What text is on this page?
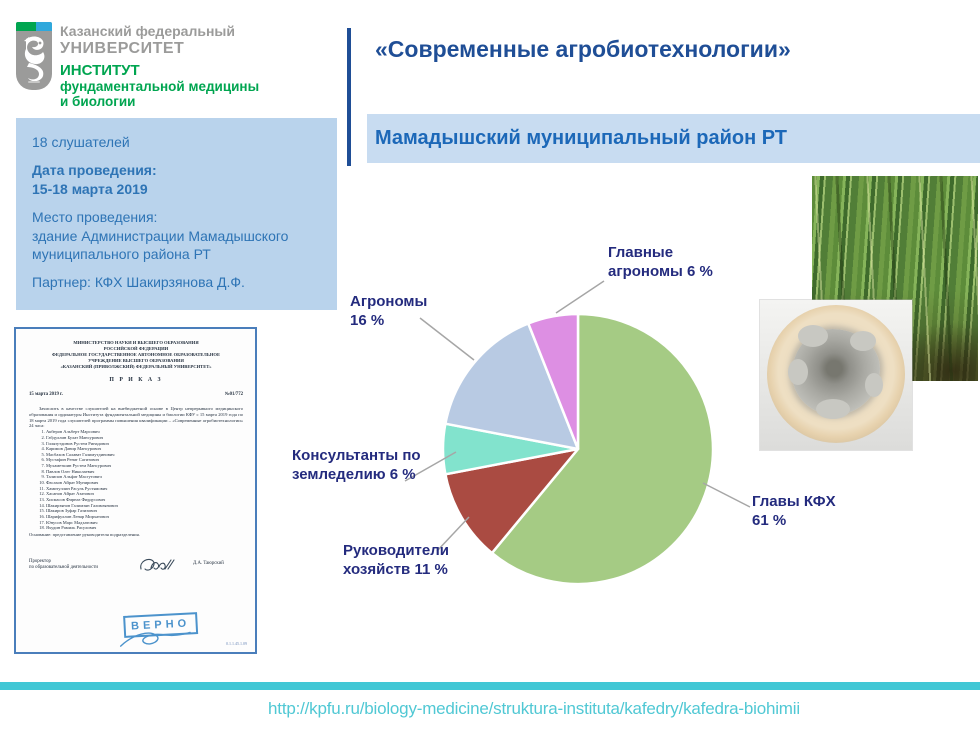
Казанский федеральный
УНИВЕРСИТЕТ
ИНСТИТУТ
фундаментальной медицины
и биологии
«Современные агробиотехнологии»
Мамадышский муниципальный район РТ
18 слушателей
Дата проведения:
15-18 марта 2019
Место проведения:
здание Администрации Мамадышского муниципального района РТ
Партнер: КФХ Шакирзянова Д.Ф.
МИНИСТЕРСТВО НАУКИ И ВЫСШЕГО ОБРАЗОВАНИЯ
РОССИЙСКОЙ ФЕДЕРАЦИИ
ФЕДЕРАЛЬНОЕ ГОСУДАРСТВЕННОЕ АВТОНОМНОЕ ОБРАЗОВАТЕЛЬНОЕ
УЧРЕЖДЕНИЕ ВЫСШЕГО ОБРАЗОВАНИЯ
«КАЗАНСКИЙ (ПРИВОЛЖСКИЙ) ФЕДЕРАЛЬНЫЙ УНИВЕРСИТЕТ»
П Р И К А З
15 марта 2019 г.	№01/772
Зачислить в качестве слушателей на внебюджетной основе в Центр непрерывного медицинского образования и ординатуры Института фундаментальной медицины и биологии КФУ с 15 марта 2019 года по 18 марта 2019 года слушателей программы повышения квалификации – «Современные агробиотехнологии» 24 часа:
1. Акберов Альберт Марсович
2. Габдуллин Булат Мансурович
3. Гилязутдинов Рустем Ринадович
4. Каримов Данир Мансурович
5. Масбахов Салават Галимутдинович
6. Мустафин Ренат Сагитович
7. Мухаметшин Рустем Мансурович
8. Павлов Олег Николаевич
9. Талипов Альфат Масгутович
10. Фасахов Айрат Мунирович
11. Хамитуллин Расуль Рустямович
12. Хасанов Айрат Азатович
13. Хисмасов Фирназ Фирдусович
14. Шакирзянов Галимзян Галимзянович
15. Шакиров Зуфар Газизович
16. Шарифуллин Ленар Мирхатович
17. Юнусов Марс Мадхатович
18. Яхудин Рамиль Расулович
Основание: представление руководителя подразделения.
Проректор
по образовательной деятельности
Д.А. Таюрский
ВЕРНО
0.1.1.45.1.09
Главные
агрономы 6 %
Агрономы
16 %
Консультанты по
земледелию 6 %
Руководители
хозяйств 11 %
Главы КФХ
61 %
http://kpfu.ru/biology-medicine/struktura-instituta/kafedry/kafedra-biohimii
